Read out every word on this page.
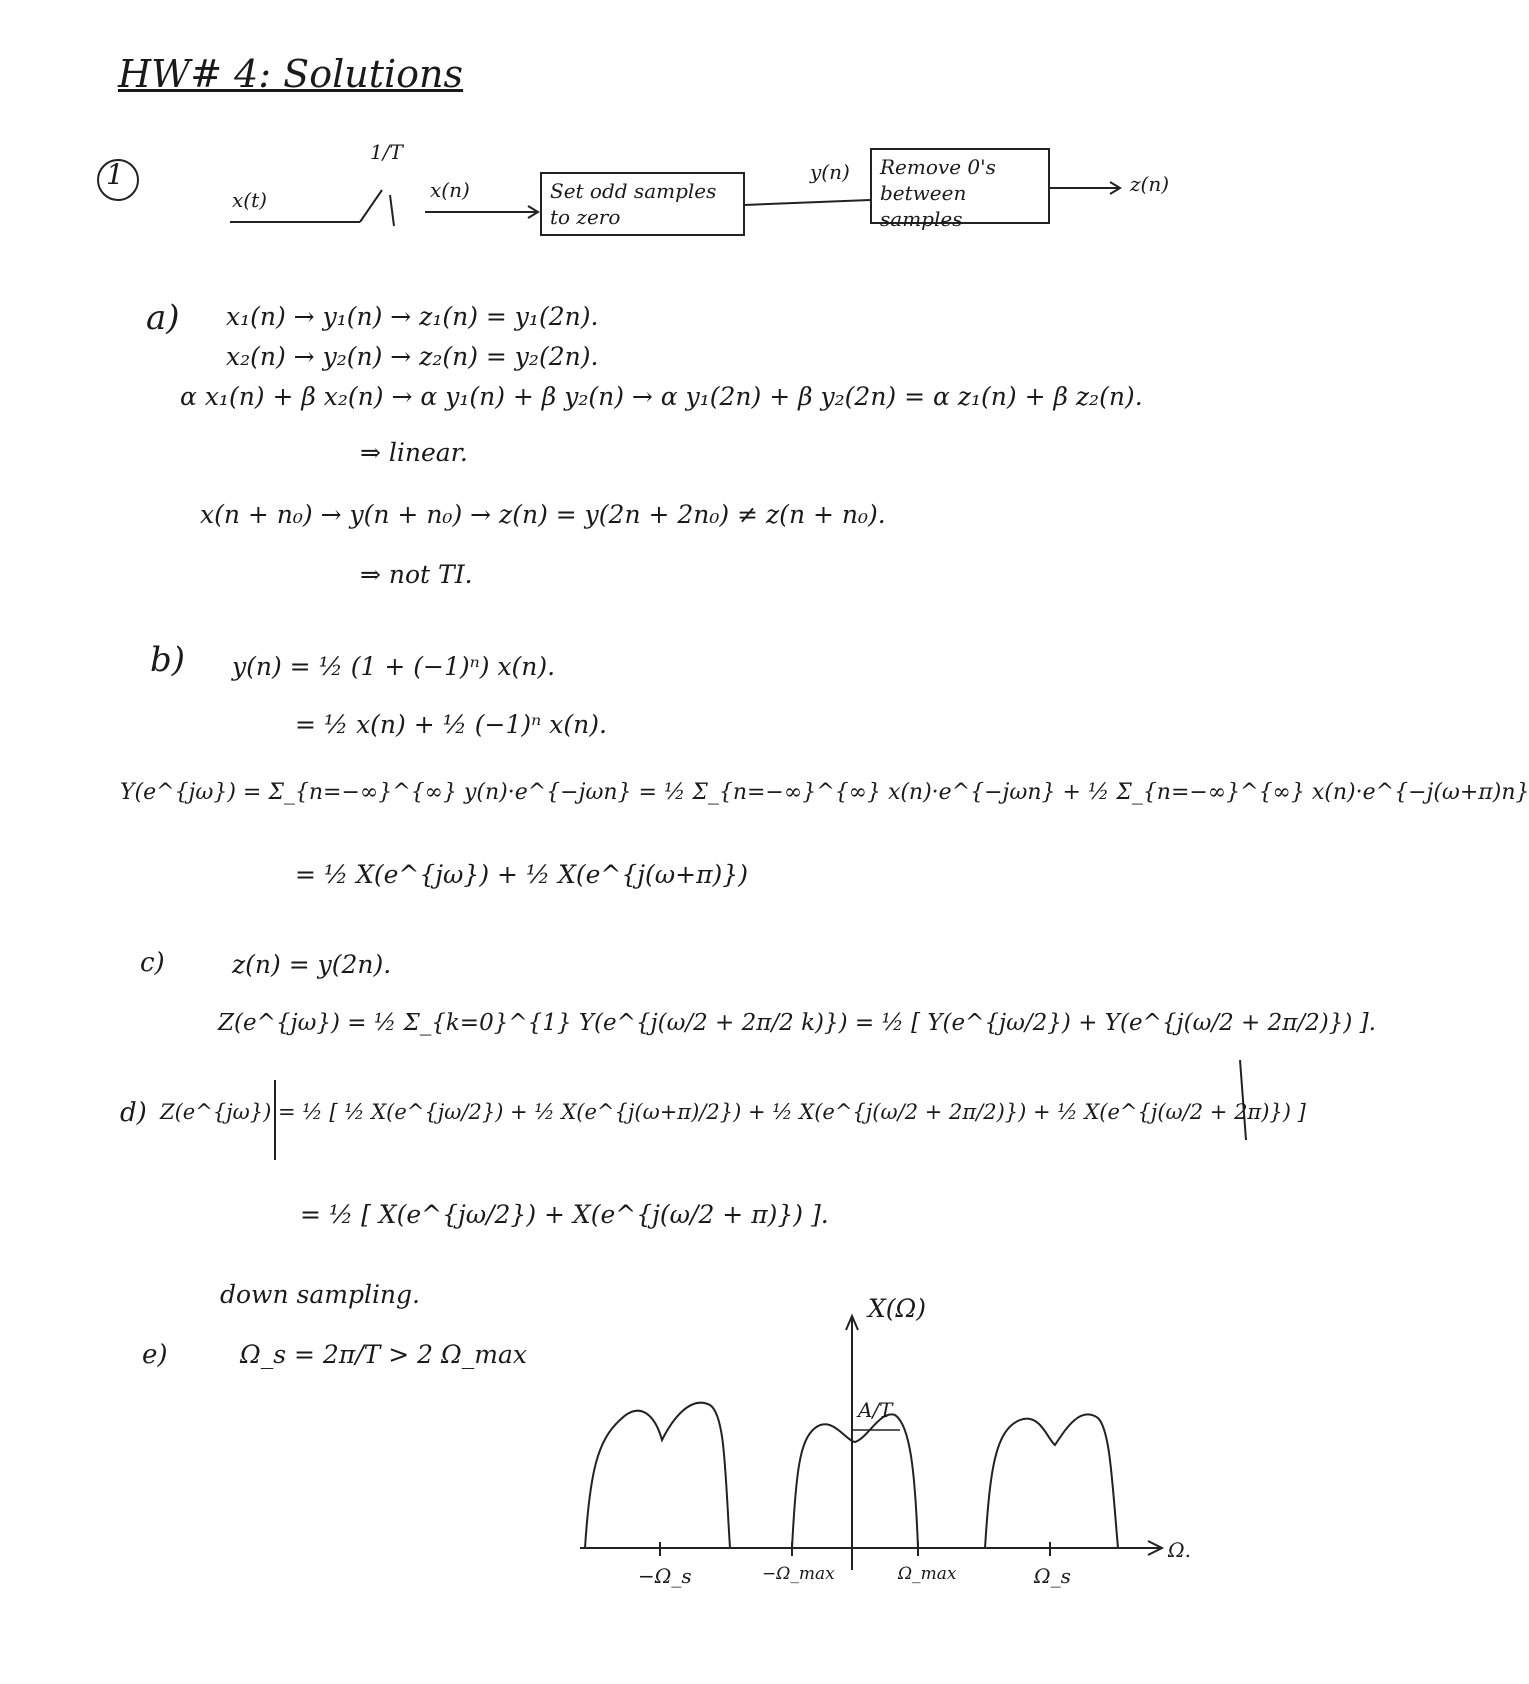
HW# 4: Solutions
1
x(t)
1/T
x(n)	Set odd samples to zero
y(n)	Remove 0's between samples
z(n)
a) x₁(n) → y₁(n) → z₁(n) = y₁(2n).
x₂(n) → y₂(n) → z₂(n) = y₂(2n).
α x₁(n) + β x₂(n) → α y₁(n) + β y₂(n) → α y₁(2n) + β y₂(2n) = α z₁(n) + β z₂(n).
⇒ linear.
x(n + n₀) → y(n + n₀) → z(n) = y(2n + 2n₀) ≠ z(n + n₀).
⇒ not TI.
b) y(n) = ½ (1 + (−1)ⁿ) x(n).
= ½ x(n) + ½ (−1)ⁿ x(n).
Y(e^{jω}) = Σ_{n=−∞}^{∞} y(n)·e^{−jωn} = ½ Σ_{n=−∞}^{∞} x(n)·e^{−jωn} + ½ Σ_{n=−∞}^{∞} x(n)·e^{−j(ω+π)n}
= ½ X(e^{jω}) + ½ X(e^{j(ω+π)})
c)	z(n) = y(2n).
Z(e^{jω}) = ½ Σ_{k=0}^{1} Y(e^{j(ω/2 + 2π/2 k)}) = ½ [ Y(e^{jω/2}) + Y(e^{j(ω/2 + 2π/2)}) ].
d) Z(e^{jω}) = ½ [ ½ X(e^{jω/2}) + ½ X(e^{j(ω+π)/2}) + ½ X(e^{j(ω/2 + 2π/2)}) + ½ X(e^{j(ω/2 + 2π)}) ]
= ½ [ X(e^{jω/2}) + X(e^{j(ω/2 + π)}) ].
down sampling.
e)	Ω_s = 2π/T > 2 Ω_max
X(Ω)
A/T
Ω.
−Ω_s	−Ω_max	Ω_max	Ω_s
